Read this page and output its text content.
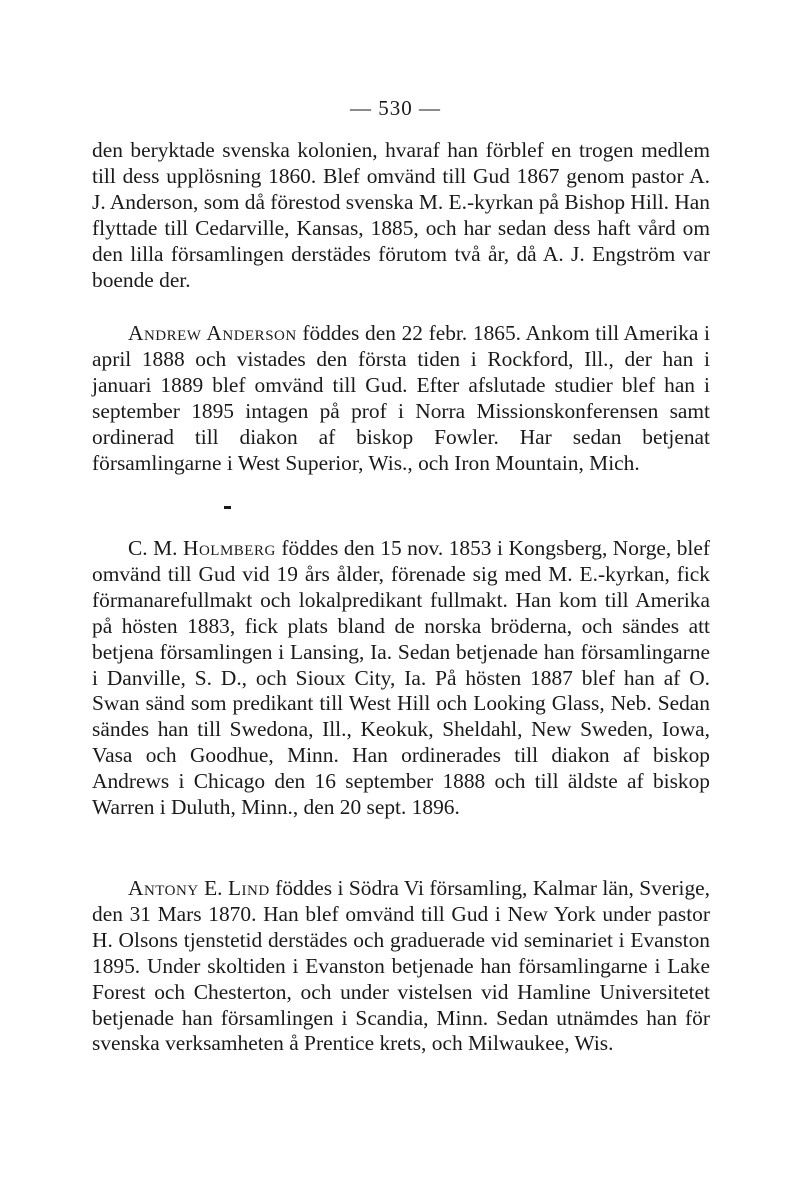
— 530 —

den beryktade svenska kolonien, hvaraf han förblef en trogen medlem till dess upplösning 1860. Blef omvänd till Gud 1867 genom pastor A. J. Anderson, som då förestod svenska M. E.-kyrkan på Bishop Hill. Han flyttade till Cedarville, Kansas, 1885, och har sedan dess haft vård om den lilla församlingen derstädes förutom två år, då A. J. Engström var boende der.

Andrew Anderson föddes den 22 febr. 1865. Ankom till Amerika i april 1888 och vistades den första tiden i Rockford, Ill., der han i januari 1889 blef omvänd till Gud. Efter afslutade studier blef han i september 1895 intagen på prof i Norra Missionskonferensen samt ordinerad till diakon af biskop Fowler. Har sedan betjenat församlingarne i West Superior, Wis., och Iron Mountain, Mich.

C. M. Holmberg föddes den 15 nov. 1853 i Kongsberg, Norge, blef omvänd till Gud vid 19 års ålder, förenade sig med M. E.-kyrkan, fick förmanarefullmakt och lokalpredikant fullmakt. Han kom till Amerika på hösten 1883, fick plats bland de norska bröderna, och sändes att betjena församlingen i Lansing, Ia. Sedan betjenade han församlingarne i Danville, S. D., och Sioux City, Ia. På hösten 1887 blef han af O. Swan sänd som predikant till West Hill och Looking Glass, Neb. Sedan sändes han till Swedona, Ill., Keokuk, Sheldahl, New Sweden, Iowa, Vasa och Goodhue, Minn. Han ordinerades till diakon af biskop Andrews i Chicago den 16 september 1888 och till äldste af biskop Warren i Duluth, Minn., den 20 sept. 1896.

Antony E. Lind föddes i Södra Vi församling, Kalmar län, Sverige, den 31 Mars 1870. Han blef omvänd till Gud i New York under pastor H. Olsons tjenstetid derstädes och graduerade vid seminariet i Evanston 1895. Under skoltiden i Evanston betjenade han församlingarne i Lake Forest och Chesterton, och under vistelsen vid Hamline Universitetet betjenade han församlingen i Scandia, Minn. Sedan utnämdes han för svenska verksamheten å Prentice krets, och Milwaukee, Wis.
